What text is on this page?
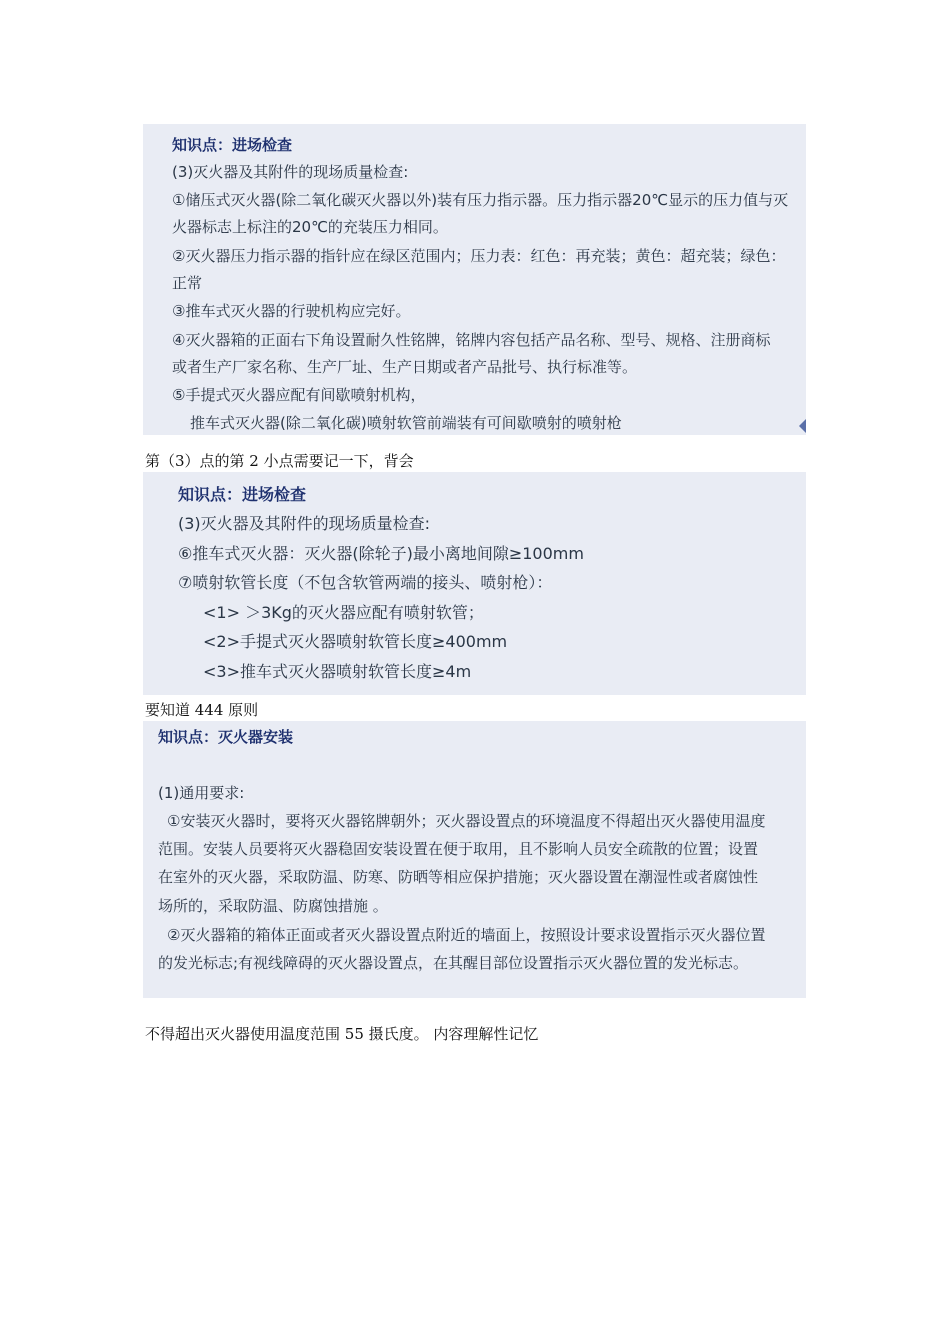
知识点：进场检查
(3)灭火器及其附件的现场质量检查:
①储压式灭火器(除二氧化碳灭火器以外)装有压力指示器。压力指示器20℃显示的压力值与灭
火器标志上标注的20℃的充装压力相同。
②灭火器压力指示器的指针应在绿区范围内；压力表：红色：再充装；黄色：超充装；绿色：
正常
③推车式灭火器的行驶机构应完好。
④灭火器箱的正面右下角设置耐久性铭牌，铭牌内容包括产品名称、型号、规格、注册商标
或者生产厂家名称、生产厂址、生产日期或者产品批号、执行标准等。
⑤手提式灭火器应配有间歇喷射机构，
推车式灭火器(除二氧化碳)喷射软管前端装有可间歇喷射的喷射枪
第（3）点的第 2 小点需要记一下，背会
知识点：进场检查
(3)灭火器及其附件的现场质量检查:
⑥推车式灭火器：灭火器(除轮子)最小离地间隙≥100mm
⑦喷射软管长度（不包含软管两端的接头、喷射枪）：
<1> ＞3Kg的灭火器应配有喷射软管；
<2>手提式灭火器喷射软管长度≥400mm
<3>推车式灭火器喷射软管长度≥4m
要知道 444 原则
知识点：灭火器安装
(1)通用要求:
①安装灭火器时，要将灭火器铭牌朝外；灭火器设置点的环境温度不得超出灭火器使用温度
范围。安装人员要将灭火器稳固安装设置在便于取用，且不影响人员安全疏散的位置；设置
在室外的灭火器，采取防温、防寒、防晒等相应保护措施；灭火器设置在潮湿性或者腐蚀性
场所的，采取防温、防腐蚀措施 。
②灭火器箱的箱体正面或者灭火器设置点附近的墙面上，按照设计要求设置指示灭火器位置
的发光标志;有视线障碍的灭火器设置点，在其醒目部位设置指示灭火器位置的发光标志。
不得超出灭火器使用温度范围 55 摄氏度。 内容理解性记忆
